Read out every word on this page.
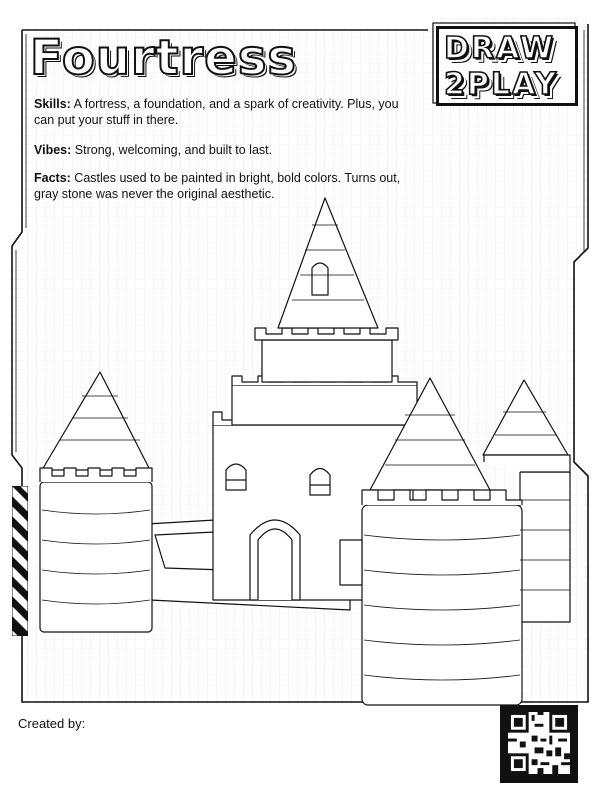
Fourtress	DRAW
2PLAY
Skills: A fortress, a foundation, and a spark of creativity. Plus, you can put your stuff in there.
Vibes: Strong, welcoming, and built to last.
Facts: Castles used to be painted in bright, bold colors. Turns out, gray stone was never the original aesthetic.
Created by:
